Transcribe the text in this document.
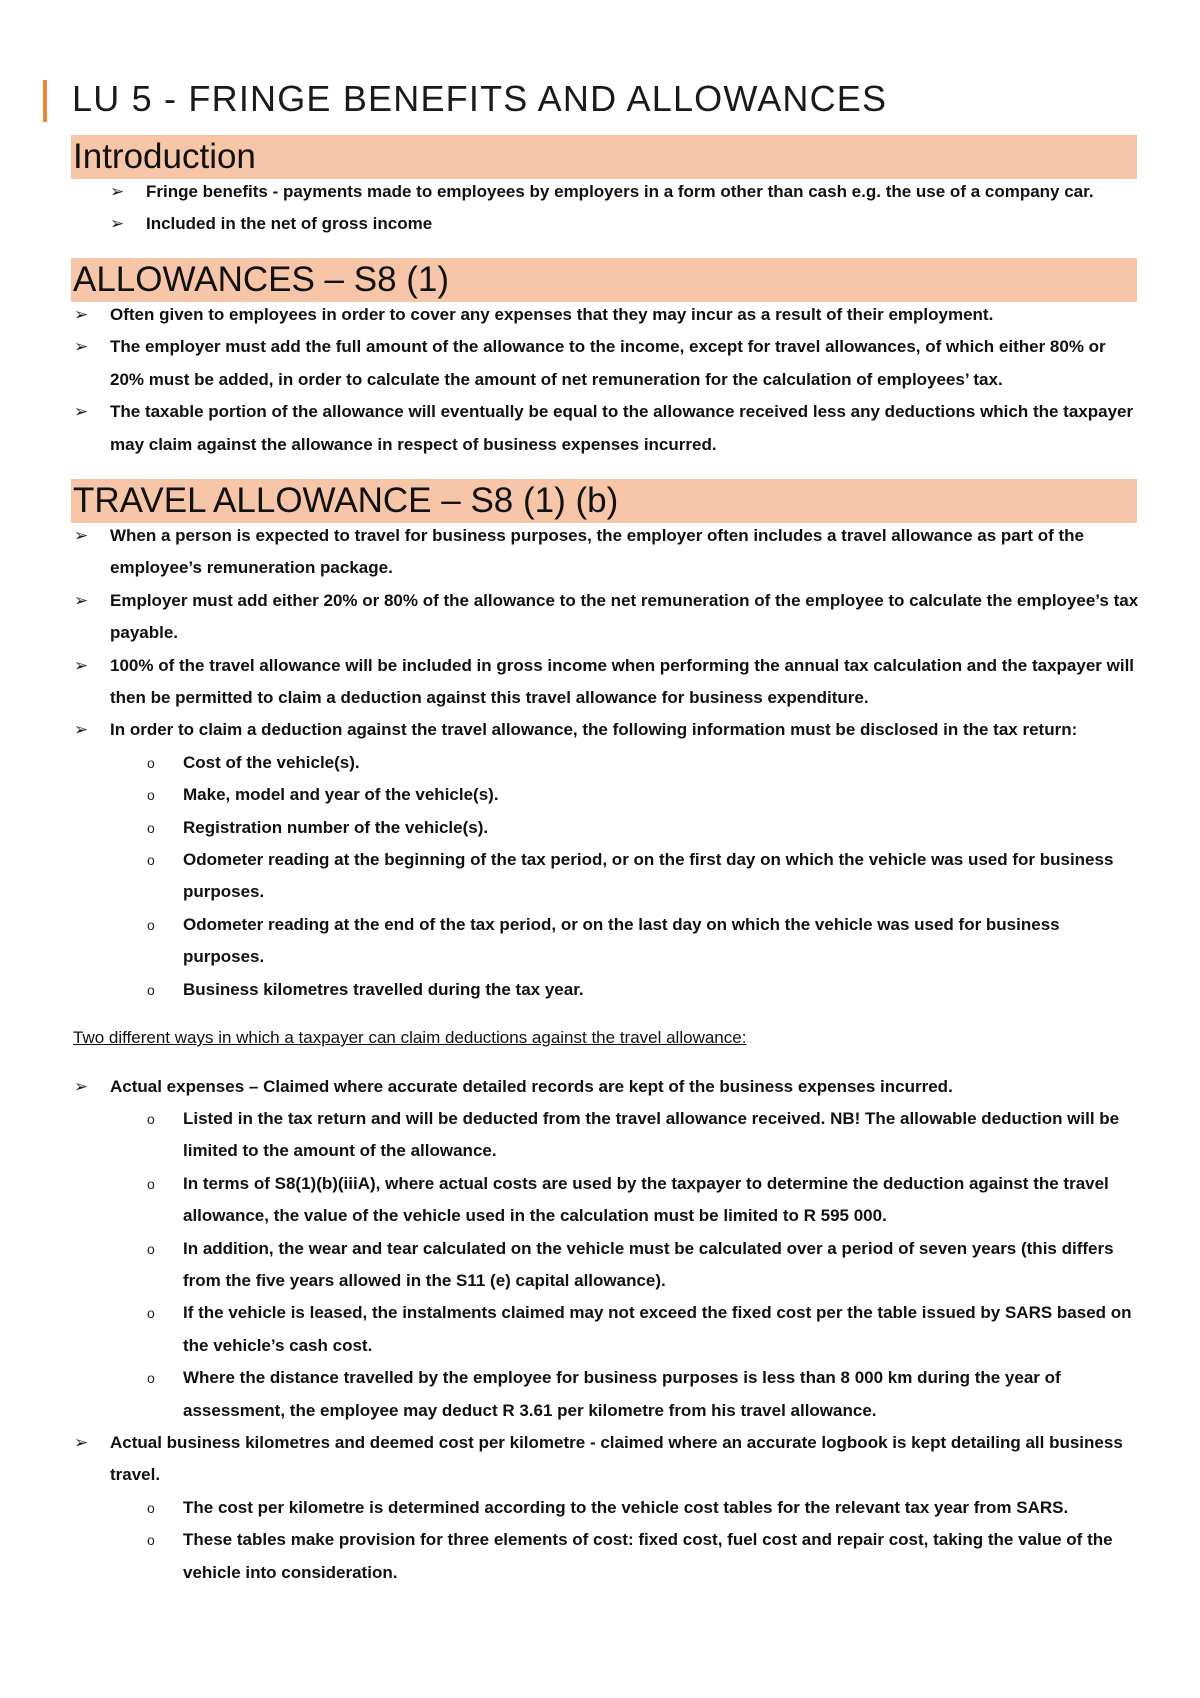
LU 5 - FRINGE BENEFITS AND ALLOWANCES
Introduction
➢ Fringe benefits - payments made to employees by employers in a form other than cash e.g. the use of a company car.
➢ Included in the net of gross income
ALLOWANCES – S8 (1)
➢ Often given to employees in order to cover any expenses that they may incur as a result of their employment.
➢ The employer must add the full amount of the allowance to the income, except for travel allowances, of which either 80% or 20% must be added, in order to calculate the amount of net remuneration for the calculation of employees’ tax.
➢ The taxable portion of the allowance will eventually be equal to the allowance received less any deductions which the taxpayer may claim against the allowance in respect of business expenses incurred.
TRAVEL ALLOWANCE – S8 (1) (b)
➢ When a person is expected to travel for business purposes, the employer often includes a travel allowance as part of the employee’s remuneration package.
➢ Employer must add either 20% or 80% of the allowance to the net remuneration of the employee to calculate the employee’s tax payable.
➢ 100% of the travel allowance will be included in gross income when performing the annual tax calculation and the taxpayer will then be permitted to claim a deduction against this travel allowance for business expenditure.
➢ In order to claim a deduction against the travel allowance, the following information must be disclosed in the tax return:
o Cost of the vehicle(s).
o Make, model and year of the vehicle(s).
o Registration number of the vehicle(s).
o Odometer reading at the beginning of the tax period, or on the first day on which the vehicle was used for business purposes.
o Odometer reading at the end of the tax period, or on the last day on which the vehicle was used for business purposes.
o Business kilometres travelled during the tax year.
Two different ways in which a taxpayer can claim deductions against the travel allowance:
➢ Actual expenses – Claimed where accurate detailed records are kept of the business expenses incurred.
o Listed in the tax return and will be deducted from the travel allowance received. NB! The allowable deduction will be limited to the amount of the allowance.
o In terms of S8(1)(b)(iiiA), where actual costs are used by the taxpayer to determine the deduction against the travel allowance, the value of the vehicle used in the calculation must be limited to R 595 000.
o In addition, the wear and tear calculated on the vehicle must be calculated over a period of seven years (this differs from the five years allowed in the S11 (e) capital allowance).
o If the vehicle is leased, the instalments claimed may not exceed the fixed cost per the table issued by SARS based on the vehicle’s cash cost.
o Where the distance travelled by the employee for business purposes is less than 8 000 km during the year of assessment, the employee may deduct R 3.61 per kilometre from his travel allowance.
➢ Actual business kilometres and deemed cost per kilometre - claimed where an accurate logbook is kept detailing all business travel.
o The cost per kilometre is determined according to the vehicle cost tables for the relevant tax year from SARS.
o These tables make provision for three elements of cost: fixed cost, fuel cost and repair cost, taking the value of the vehicle into consideration.
